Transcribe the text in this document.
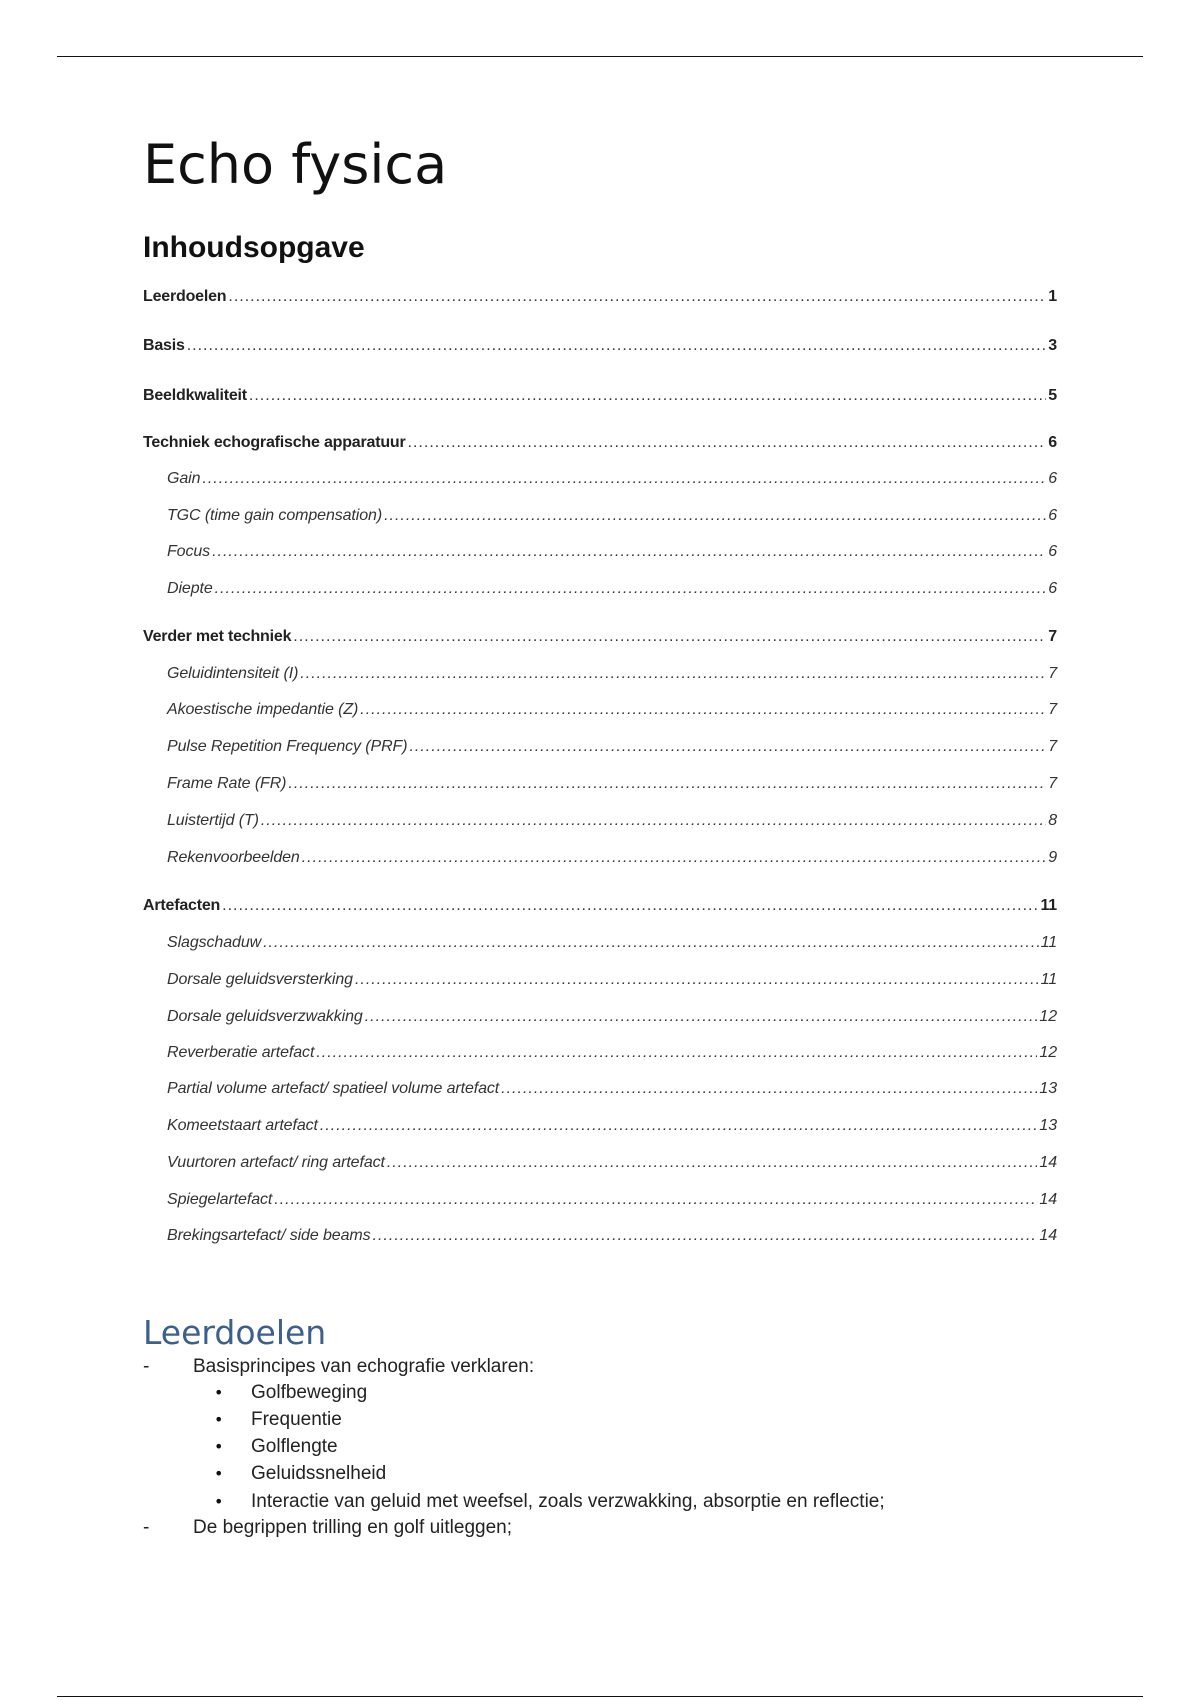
Echo fysica
Inhoudsopgave
Leerdoelen .....	1
Basis .....	3
Beeldkwaliteit .....	5
Techniek echografische apparatuur .....	6
Gain .....	6
TGC (time gain compensation) .....	6
Focus .....	6
Diepte .....	6
Verder met techniek .....	7
Geluidintensiteit (I) .....	7
Akoestische impedantie (Z) .....	7
Pulse Repetition Frequency (PRF) .....	7
Frame Rate (FR) .....	7
Luistertijd (T) .....	8
Rekenvoorbeelden .....	9
Artefacten .....	11
Slagschaduw .....	11
Dorsale geluidsversterking .....	11
Dorsale geluidsverzwakking .....	12
Reverberatie artefact .....	12
Partial volume artefact/ spatieel volume artefact .....	13
Komeetstaart artefact .....	13
Vuurtoren artefact/ ring artefact .....	14
Spiegelartefact .....	14
Brekingsartefact/ side beams .....	14
Leerdoelen
- Basisprincipes van echografie verklaren:
• Golfbeweging
• Frequentie
• Golflengte
• Geluidssnelheid
• Interactie van geluid met weefsel, zoals verzwakking, absorptie en reflectie;
- De begrippen trilling en golf uitleggen;
